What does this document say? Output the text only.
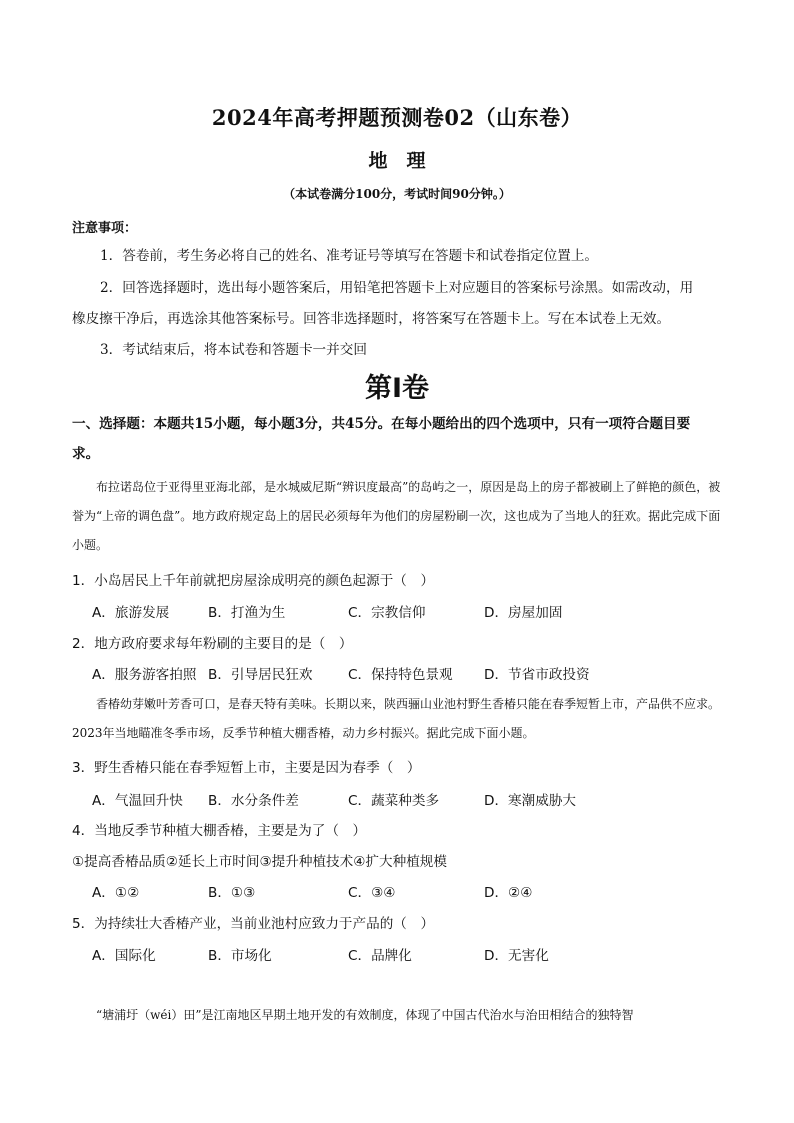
2024年高考押题预测卷02（山东卷）
地　理
（本试卷满分100分，考试时间90分钟。）
注意事项：
1．答卷前，考生务必将自己的姓名、准考证号等填写在答题卡和试卷指定位置上。
2．回答选择题时，选出每小题答案后，用铅笔把答题卡上对应题目的答案标号涂黑。如需改动，用
橡皮擦干净后，再选涂其他答案标号。回答非选择题时，将答案写在答题卡上。写在本试卷上无效。
3．考试结束后，将本试卷和答题卡一并交回
第Ⅰ卷
一、选择题：本题共15小题，每小题3分，共45分。在每小题给出的四个选项中，只有一项符合题目要
求。
布拉诺岛位于亚得里亚海北部，是水城威尼斯“辨识度最高”的岛屿之一，原因是岛上的房子都被刷上了鲜艳的颜色，被誉为“上帝的调色盘”。地方政府规定岛上的居民必须每年为他们的房屋粉刷一次，这也成为了当地人的狂欢。据此完成下面小题。
1．小岛居民上千年前就把房屋涂成明亮的颜色起源于（　）
A．旅游发展	B．打渔为生	C．宗教信仰	D．房屋加固
2．地方政府要求每年粉刷的主要目的是（　）
A．服务游客拍照 B．引导居民狂欢	C．保持特色景观 D．节省市政投资
香椿幼芽嫩叶芳香可口，是春天特有美味。长期以来，陕西骊山业池村野生香椿只能在春季短暂上市，产品供不应求。2023年当地瞄准冬季市场，反季节种植大棚香椿，动力乡村振兴。据此完成下面小题。
3．野生香椿只能在春季短暂上市，主要是因为春季（　）
A．气温回升快 B．水分条件差	C．蔬菜种类多	D．寒潮威胁大
4．当地反季节种植大棚香椿，主要是为了（　）
①提高香椿品质②延长上市时间③提升种植技术④扩大种植规模
A．①②	B．①③	C．③④	D．②④
5．为持续壮大香椿产业，当前业池村应致力于产品的（　）
A．国际化	B．市场化	C．品牌化	D．无害化
“塘浦圩（wéi）田”是江南地区早期土地开发的有效制度，体现了中国古代治水与治田相结合的独特智
